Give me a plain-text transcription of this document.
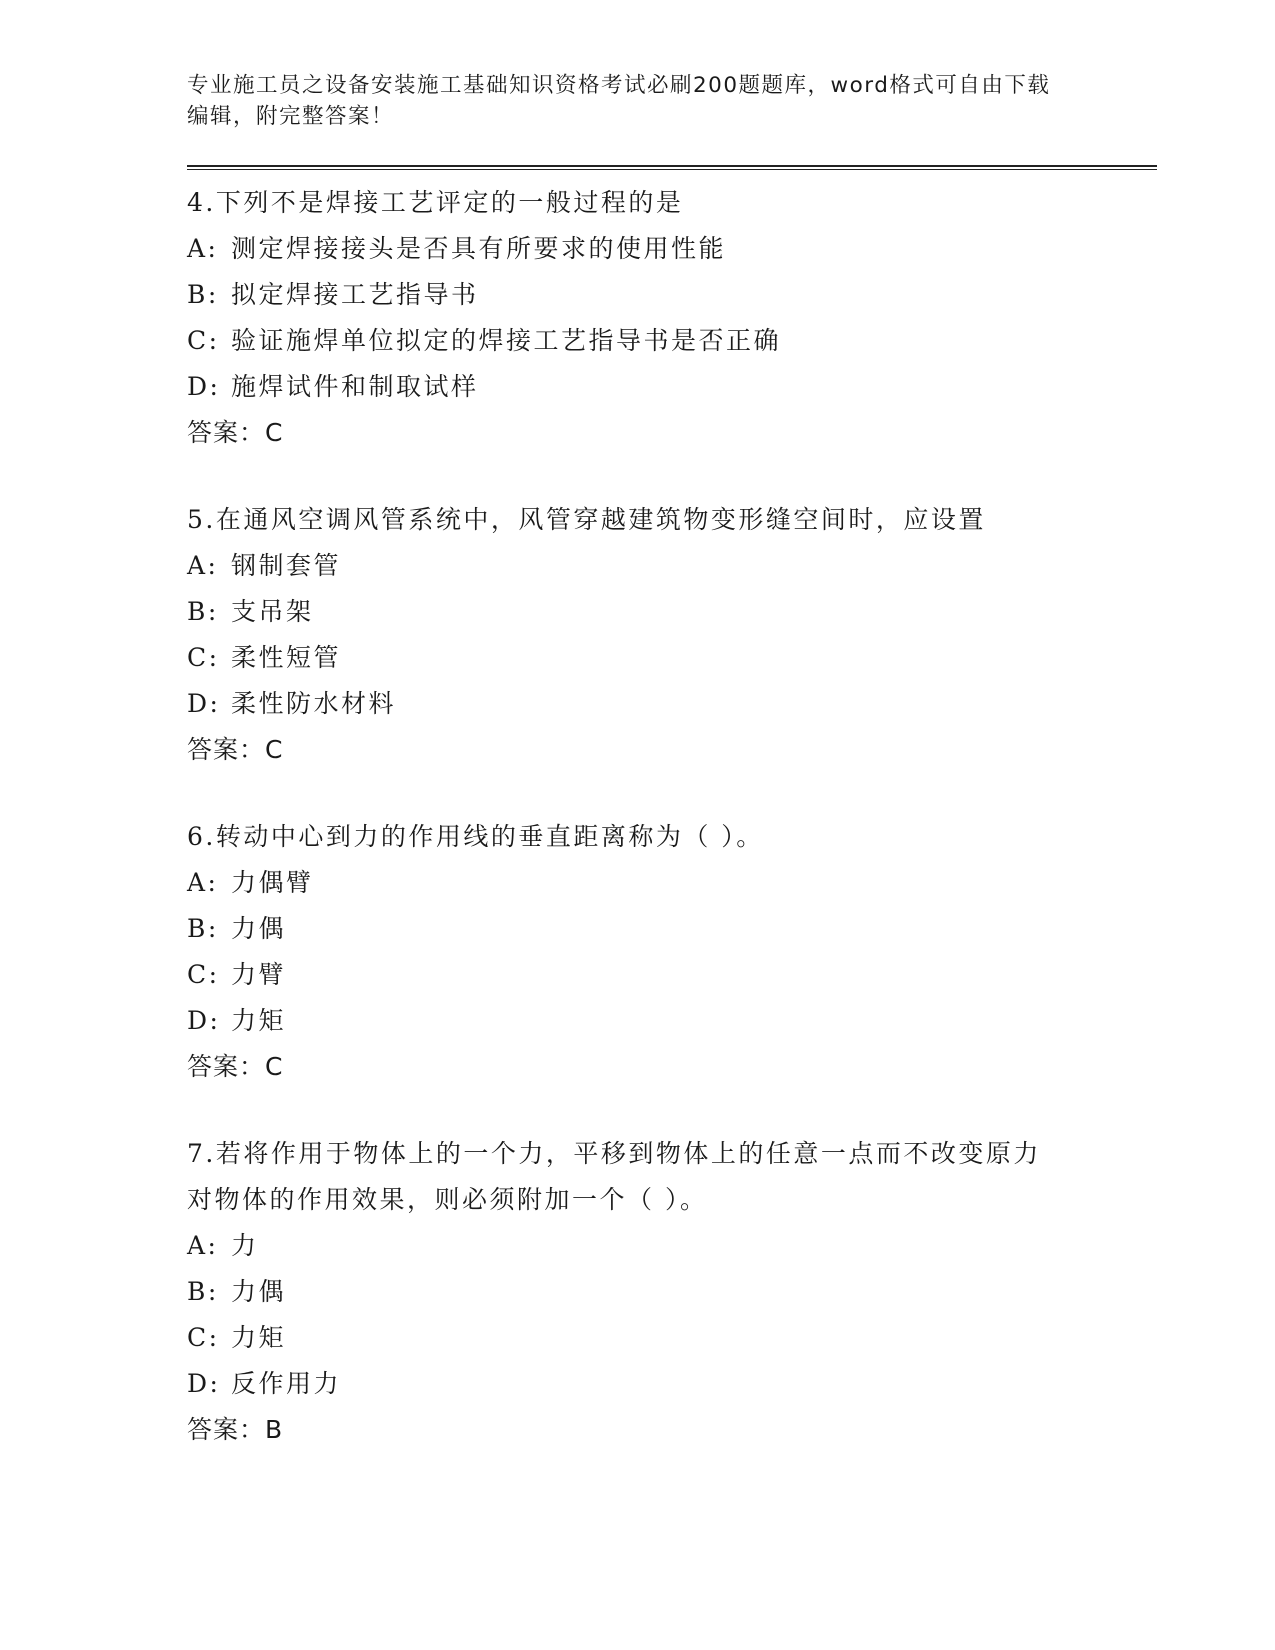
专业施工员之设备安装施工基础知识资格考试必刷200题题库，word格式可自由下载编辑，附完整答案！

4.下列不是焊接工艺评定的一般过程的是

A: 测定焊接接头是否具有所要求的使用性能

B: 拟定焊接工艺指导书

C: 验证施焊单位拟定的焊接工艺指导书是否正确

D: 施焊试件和制取试样

答案：C

5.在通风空调风管系统中，风管穿越建筑物变形缝空间时，应设置

A: 钢制套管

B: 支吊架

C: 柔性短管

D: 柔性防水材料

答案：C

6.转动中心到力的作用线的垂直距离称为（ ）。

A: 力偶臂

B: 力偶

C: 力臂

D: 力矩

答案：C

7.若将作用于物体上的一个力，平移到物体上的任意一点而不改变原力对物体的作用效果，则必须附加一个（ ）。

A: 力

B: 力偶

C: 力矩

D: 反作用力

答案：B
